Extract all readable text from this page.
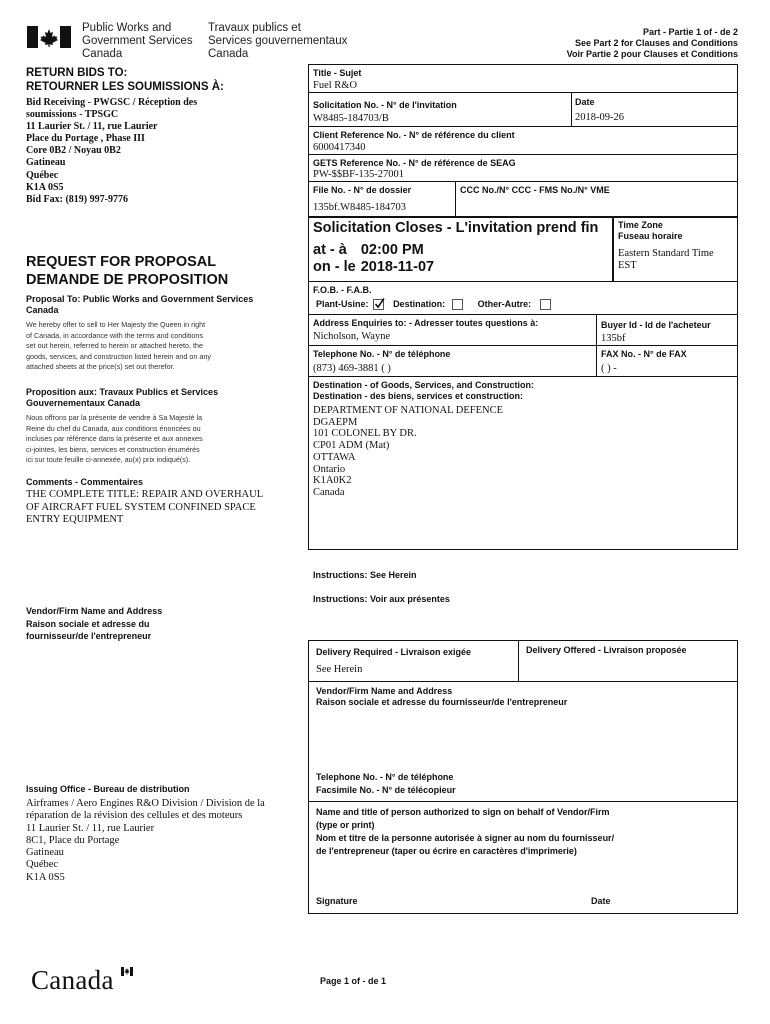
Public Works and
Government Services
Canada
Travaux publics et
Services gouvernementaux
Canada
Part - Partie 1 of - de 2
See Part 2 for Clauses and Conditions
Voir Partie 2 pour Clauses et Conditions
RETURN BIDS TO:
RETOURNER LES SOUMISSIONS À:
Bid Receiving - PWGSC / Réception des
soumissions - TPSGC
11 Laurier St. / 11, rue Laurier
Place du Portage , Phase III
Core 0B2 / Noyau 0B2
Gatineau
Québec
K1A 0S5
Bid Fax: (819) 997-9776
REQUEST FOR PROPOSAL
DEMANDE DE PROPOSITION
Proposal To: Public Works and Government Services Canada
We hereby offer to sell to Her Majesty the Queen in right
of Canada, in accordance with the terms and conditions
set out herein, referred to herein or attached hereto, the
goods, services, and construction listed herein and on any
attached sheets at the price(s) set out therefor.
Proposition aux: Travaux Publics et Services Gouvernementaux Canada
Nous offrons par la présente de vendre à Sa Majesté la
Reine du chef du Canada, aux conditions énoncées ou
incluses par référence dans la présente et aux annexes
ci-jointes, les biens, services et construction énumérés
ici sur toute feuille ci-annexée, au(x) prix indiqué(s).
Comments - Commentaires
THE COMPLETE TITLE: REPAIR AND OVERHAUL
OF AIRCRAFT FUEL SYSTEM CONFINED SPACE
ENTRY EQUIPMENT
Vendor/Firm Name and Address
Raison sociale et adresse du
fournisseur/de l'entrepreneur
Issuing Office - Bureau de distribution
Airframes / Aero Engines R&O Division / Division de la
réparation de la révision des cellules et des moteurs
11 Laurier St. / 11, rue Laurier
8C1, Place du Portage
Gatineau
Québec
K1A 0S5
Title - Sujet
Fuel R&O
Solicitation No. - N° de l'invitation
W8485-184703/B
Date
2018-09-26
Client Reference No. - N° de référence du client
6000417340
GETS Reference No. - N° de référence de SEAG
PW-$$BF-135-27001
File No. - N° de dossier
135bf.W8485-184703
CCC No./N° CCC - FMS No./N° VME
Solicitation Closes - L'invitation prend fin
at - à 02:00 PM
on - le 2018-11-07
Time Zone
Fuseau horaire
Eastern Standard Time
EST
F.O.B. - F.A.B.
Plant-Usine:	Destination:	Other-Autre:
Address Enquiries to: - Adresser toutes questions à:
Nicholson, Wayne
Buyer Id - Id de l'acheteur
135bf
Telephone No. - N° de téléphone
(873) 469-3881 ( )
FAX No. - N° de FAX
( ) -
Destination - of Goods, Services, and Construction:
Destination - des biens, services et construction:
DEPARTMENT OF NATIONAL DEFENCE
DGAEPM
101 COLONEL BY DR.
CP01 ADM (Mat)
OTTAWA
Ontario
K1A0K2
Canada
Instructions: See Herein
Instructions: Voir aux présentes
Delivery Required - Livraison exigée
See Herein
Delivery Offered - Livraison proposée
Vendor/Firm Name and Address
Raison sociale et adresse du fournisseur/de l'entrepreneur
Telephone No. - N° de téléphone
Facsimile No. - N° de télécopieur
Name and title of person authorized to sign on behalf of Vendor/Firm
(type or print)
Nom et titre de la personne autorisée à signer au nom du fournisseur/
de l'entrepreneur (taper ou écrire en caractères d'imprimerie)
Signature	Date
Canada	Page 1 of - de 1
